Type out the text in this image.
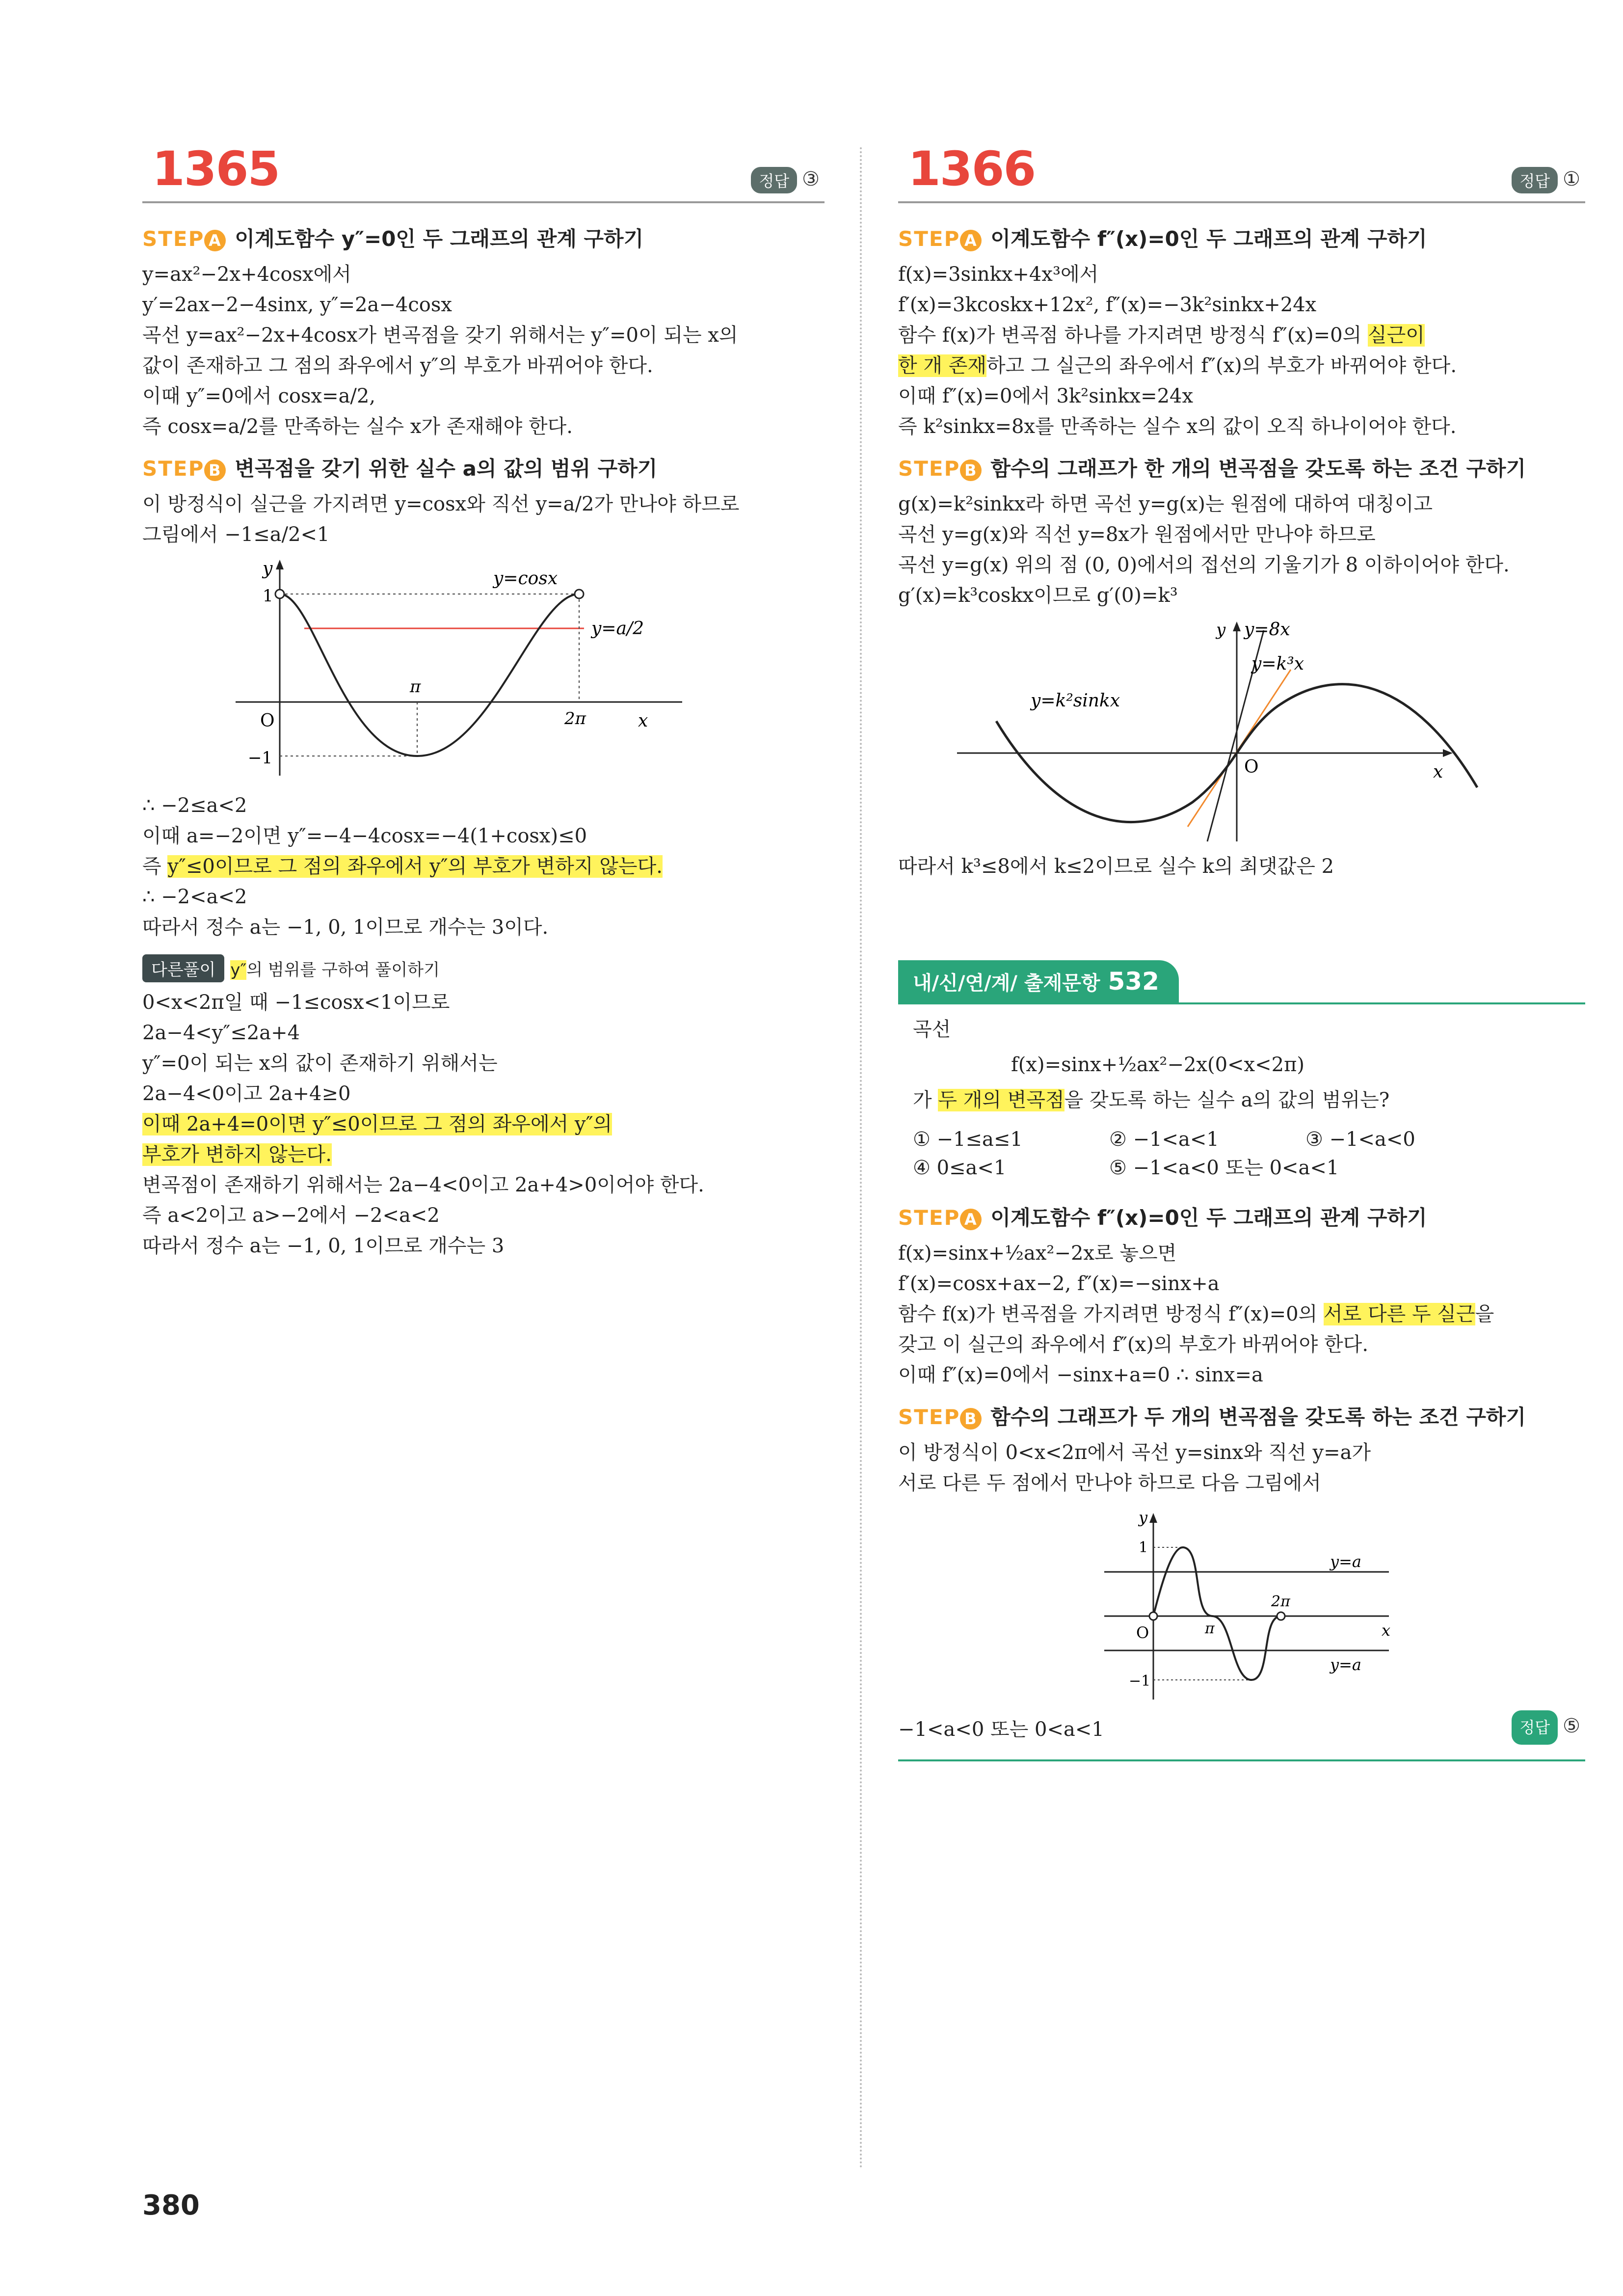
1365	정답 ③
STEP A 이계도함수 y″=0인 두 그래프의 관계 구하기
y=ax²−2x+4cosx에서
y′=2ax−2−4sinx, y″=2a−4cosx
곡선 y=ax²−2x+4cosx가 변곡점을 갖기 위해서는 y″=0이 되는 x의
값이 존재하고 그 점의 좌우에서 y″의 부호가 바뀌어야 한다.
이때 y″=0에서 cosx=a/2,
즉 cosx=a/2를 만족하는 실수 x가 존재해야 한다.
STEP B 변곡점을 갖기 위한 실수 a의 값의 범위 구하기
이 방정식이 실근을 가지려면 y=cosx와 직선 y=a/2가 만나야 하므로
그림에서 −1≤a/2<1
y
x
O
1
−1
π
2π
y=cosx
y=a/2
∴ −2≤a<2
이때 a=−2이면 y″=−4−4cosx=−4(1+cosx)≤0
즉 y″≤0이므로 그 점의 좌우에서 y″의 부호가 변하지 않는다.
∴ −2<a<2
따라서 정수 a는 −1, 0, 1이므로 개수는 3이다.
다른풀이 y″의 범위를 구하여 풀이하기
0<x<2π일 때 −1≤cosx<1이므로
2a−4<y″≤2a+4
y″=0이 되는 x의 값이 존재하기 위해서는
2a−4<0이고 2a+4≥0
이때 2a+4=0이면 y″≤0이므로 그 점의 좌우에서 y″의
부호가 변하지 않는다.
변곡점이 존재하기 위해서는 2a−4<0이고 2a+4>0이어야 한다.
즉 a<2이고 a>−2에서 −2<a<2
따라서 정수 a는 −1, 0, 1이므로 개수는 3
1366	정답 ①
STEP A 이계도함수 f″(x)=0인 두 그래프의 관계 구하기
f(x)=3sinkx+4x³에서
f′(x)=3kcoskx+12x², f″(x)=−3k²sinkx+24x
함수 f(x)가 변곡점 하나를 가지려면 방정식 f″(x)=0의 실근이
한 개 존재하고 그 실근의 좌우에서 f″(x)의 부호가 바뀌어야 한다.
이때 f″(x)=0에서 3k²sinkx=24x
즉 k²sinkx=8x를 만족하는 실수 x의 값이 오직 하나이어야 한다.
STEP B 함수의 그래프가 한 개의 변곡점을 갖도록 하는 조건 구하기
g(x)=k²sinkx라 하면 곡선 y=g(x)는 원점에 대하여 대칭이고
곡선 y=g(x)와 직선 y=8x가 원점에서만 만나야 하므로
곡선 y=g(x) 위의 점 (0, 0)에서의 접선의 기울기가 8 이하이어야 한다.
g′(x)=k³coskx이므로 g′(0)=k³
O	x
y y=8x
y=k³x
y=k²sinkx
따라서 k³≤8에서 k≤2이므로 실수 k의 최댓값은 2
내/신/연/계/ 출제문항 532
곡선
f(x)=sinx+½ax²−2x(0<x<2π)
가 두 개의 변곡점을 갖도록 하는 실수 a의 값의 범위는?
① −1≤a≤1	② −1<a<1	③ −1<a<0
④ 0≤a<1	⑤ −1<a<0 또는 0<a<1
STEP A 이계도함수 f″(x)=0인 두 그래프의 관계 구하기
f(x)=sinx+½ax²−2x로 놓으면
f′(x)=cosx+ax−2, f″(x)=−sinx+a
함수 f(x)가 변곡점을 가지려면 방정식 f″(x)=0의 서로 다른 두 실근을
갖고 이 실근의 좌우에서 f″(x)의 부호가 바뀌어야 한다.
이때 f″(x)=0에서 −sinx+a=0 ∴ sinx=a
STEP B 함수의 그래프가 두 개의 변곡점을 갖도록 하는 조건 구하기
이 방정식이 0<x<2π에서 곡선 y=sinx와 직선 y=a가
서로 다른 두 점에서 만나야 하므로 다음 그림에서
y
x
O
1
−1
π
2π
y=a
y=a
−1<a<0 또는 0<a<1	정답 ⑤
380
